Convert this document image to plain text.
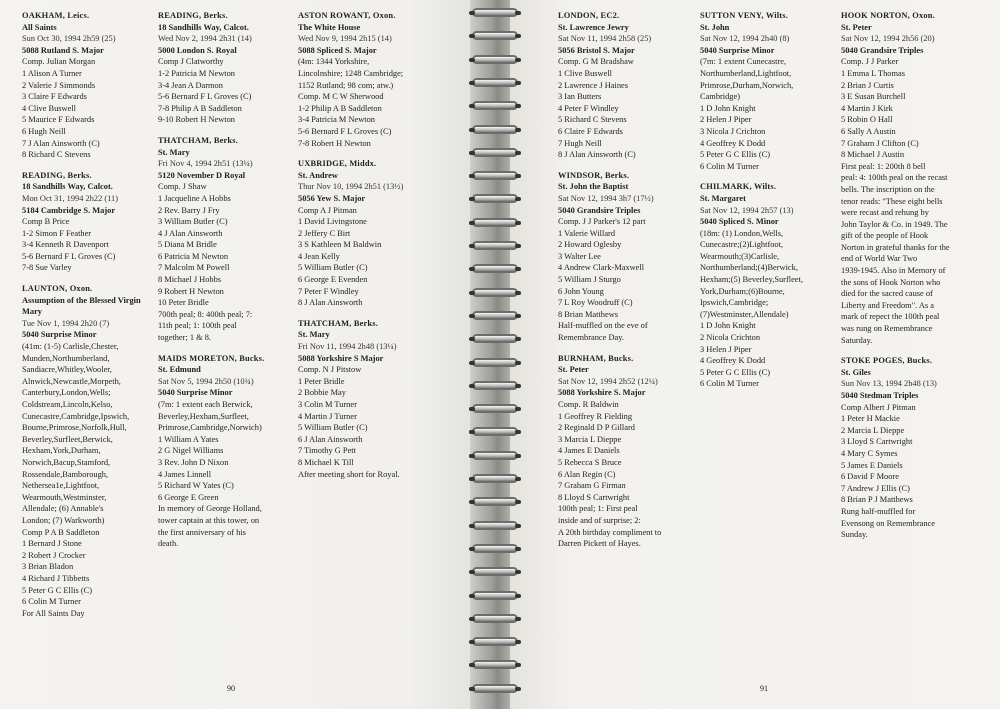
OAKHAM, Leics.
All Saints
Sun Oct 30, 1994 2h59 (25)
5088 Rutland S. Major
Comp. Julian Morgan
1 Alison A Turner
2 Valerie J Simmonds
3 Claire F Edwards
4 Clive Buswell
5 Maurice F Edwards
6 Hugh Neill
7 J Alan Ainsworth (C)
8 Richard C Stevens
READING, Berks.
18 Sandhills Way, Calcot.
Mon Oct 31, 1994 2h22 (11)
5184 Cambridge S. Major
Comp B Price
1-2 Simon F Feather
3-4 Kenneth R Davenport
5-6 Bernard F L Groves (C)
7-8 Sue Varley
LAUNTON, Oxon.
Assumption of the Blessed Virgin Mary
Tue Nov 1, 1994 2h20 (7)
5040 Surprise Minor
(41m: (1-5) Carlisle,Chester,
Munden,Northumberland,
Sandiacre,Whitley,Wooler,
Alnwick,Newcastle,Morpeth,
Canterbury,London,Wells;
Coldstream,Lincoln,Kelso,
Cunecastre,Cambridge,Ipswich,
Bourne,Primrose,Norfolk,Hull,
Beverley,Surfleet,Berwick,
Hexham,York,Durham,
Norwich,Bacup,Stamford,
Rossendale,Bamborough,
Nethersea1e,Lightfoot,
Wearmouth,Westminster,
Allendale; (6) Annable's
London; (7) Warkworth)
Comp P A B Saddleton
1 Bernard J Stone
2 Robert J Crocker
3 Brian Bladon
4 Richard J Tibbetts
5 Peter G C Ellis (C)
6 Colin M Turner
For All Saints Day
READING, Berks.
18 Sandhills Way, Calcot.
Wed Nov 2, 1994 2h31 (14)
5000 London S. Royal
Comp J Clatworthy
1-2 Patricia M Newton
3-4 Jean A Darmon
5-6 Bernard F L Groves (C)
7-8 Philip A B Saddleton
9-10 Robert H Newton
THATCHAM, Berks.
St. Mary
Fri Nov 4, 1994 2h51 (13¼)
5120 November D Royal
Comp. J Shaw
1 Jacqueline A Hobbs
2 Rev. Barry J Fry
3 William Butler (C)
4 J Alan Ainsworth
5 Diana M Bridle
6 Patricia M Newton
7 Malcolm M Powell
8 Michael J Hobbs
9 Robert H Newton
10 Peter Bridle
700th peal; 8: 400th peal; 7:
11th peal; 1: 100th peal
together; 1 & 8.
MAIDS MORETON, Bucks.
St. Edmund
Sat Nov 5, 1994 2h50 (10¾)
5040 Surprise Minor
(7m: 1 extent each Berwick,
Beverley,Hexham,Surfleet,
Primrose,Cambridge,Norwich)
1 William A Yates
2 G Nigel Williams
3 Rev. John D Nixon
4 James Linnell
5 Richard W Yates (C)
6 George E Green
In memory of George Holland,
tower captain at this tower, on
the first anniversary of his
death.
ASTON ROWANT, Oxon.
The White House
Wed Nov 9, 1994 2h15 (14)
5088 Spliced S. Major
(4m: 1344 Yorkshire,
Lincolnshire; 1248 Cambridge;
1152 Rutland; 98 com; atw.)
Comp. M C W Sherwood
1-2 Philip A B Saddleton
3-4 Patricia M Newton
5-6 Bernard F L Groves (C)
7-8 Robert H Newton
UXBRIDGE, Middx.
St. Andrew
Thur Nov 10, 1994 2h51 (13½)
5056 Yew S. Major
Comp A J Pitman
1 David Livingstone
2 Jeffery C Birt
3 S Kathleen M Baldwin
4 Jean Kelly
5 William Butler (C)
6 George E Evenden
7 Peter F Windley
8 J Alan Ainsworth
THATCHAM, Berks.
St. Mary
Fri Nov 11, 1994 2h48 (13¼)
5088 Yorkshire S Major
Comp. N J Pitstow
1 Peter Bridle
2 Bobbie May
3 Colin M Turner
4 Martin J Turner
5 William Butler (C)
6 J Alan Ainsworth
7 Timothy G Pett
8 Michael K Till
After meeting short for Royal.
90
LONDON, EC2.
St. Lawrence Jewry
Sat Nov 11, 1994 2h58 (25)
5056 Bristol S. Major
Comp. G M Bradshaw
1 Clive Buswell
2 Lawrence J Haines
3 Ian Butters
4 Peter F Windley
5 Richard C Stevens
6 Claire F Edwards
7 Hugh Neill
8 J Alan Ainsworth (C)
WINDSOR, Berks.
St. John the Baptist
Sat Nov 12, 1994 3h7 (17½)
5040 Grandsire Triples
Comp. J J Parker's 12 part
1 Valerie Willard
2 Howard Oglesby
3 Walter Lee
4 Andrew Clark-Maxwell
5 William J Sturgo
6 John Young
7 L Roy Woodruff (C)
8 Brian Matthews
Half-muffled on the eve of
Remembrance Day.
BURNHAM, Bucks.
St. Peter
Sat Nov 12, 1994 2h52 (12¼)
5088 Yorkshire S. Major
Comp. R Baldwin
1 Geoffrey R Fielding
2 Reginald D P Gillard
3 Marcia L Dieppe
4 James E Daniels
5 Rebecca S Bruce
6 Alan Regin (C)
7 Graham G Firman
8 Lloyd S Cartwright
100th peal; 1: First peal
inside and of surprise; 2:
A 20th birthday compliment to
Darren Pickett of Hayes.
SUTTON VENY, Wilts.
St. John
Sat Nov 12, 1994 2h40 (8)
5040 Surprise Minor
(7m: 1 extent Cunecastre,
Northumberland,Lightfoot,
Primrose,Durham,Norwich,
Cambridge)
1 D John Knight
2 Helen J Piper
3 Nicola J Crichton
4 Geoffrey K Dodd
5 Peter G C Ellis (C)
6 Colin M Turner
CHILMARK, Wilts.
St. Margaret
Sat Nov 12, 1994 2h57 (13)
5040 Spliced S. Minor
(18m: (1) London,Wells,
Cunecastre;(2)Lightfoot,
Wearmouth;(3)Carlisle,
Northumberland;(4)Berwick,
Hexham;(5) Beverley,Surfleet,
York,Durham;(6)Bourne,
Ipswich,Cambridge;
(7)Westminster,Allendale)
1 D John Knight
2 Nicola Crichton
3 Helen J Piper
4 Geoffrey K Dodd
5 Peter G C Ellis (C)
6 Colin M Turner
HOOK NORTON, Oxon.
St. Peter
Sat Nov 12, 1994 2h56 (20)
5040 Grandsire Triples
Comp. J J Parker
1 Emma L Thomas
2 Brian J Curtis
3 E Susan Burchell
4 Martin J Kirk
5 Robin O Hall
6 Sally A Austin
7 Graham J Clifton (C)
8 Michael J Austin
First peal: 1: 200th 8 bell
peal: 4: 100th peal on the recast
bells. The inscription on the
tenor reads: "These eight bells
were recast and rehung by
John Taylor & Co. in 1949. The
gift of the people of Hook
Norton in grateful thanks for the
end of World War Two
1939-1945. Also in Memory of
the sons of Hook Norton who
died for the sacred cause of
Liberty and Freedom". As a
mark of repect the 100th peal
was rung on Remembrance
Saturday.
STOKE POGES, Bucks.
St. Giles
Sun Nov 13, 1994 2h48 (13)
5040 Stedman Triples
Comp Albert J Pitman
1 Peter H Mackie
2 Marcia L Dieppe
3 Lloyd S Cartwright
4 Mary C Symes
5 James E Daniels
6 David F Moore
7 Andrew J Ellis (C)
8 Brian P J Matthews
Rung half-muffled for
Evensong on Remembrance
Sunday.
91
